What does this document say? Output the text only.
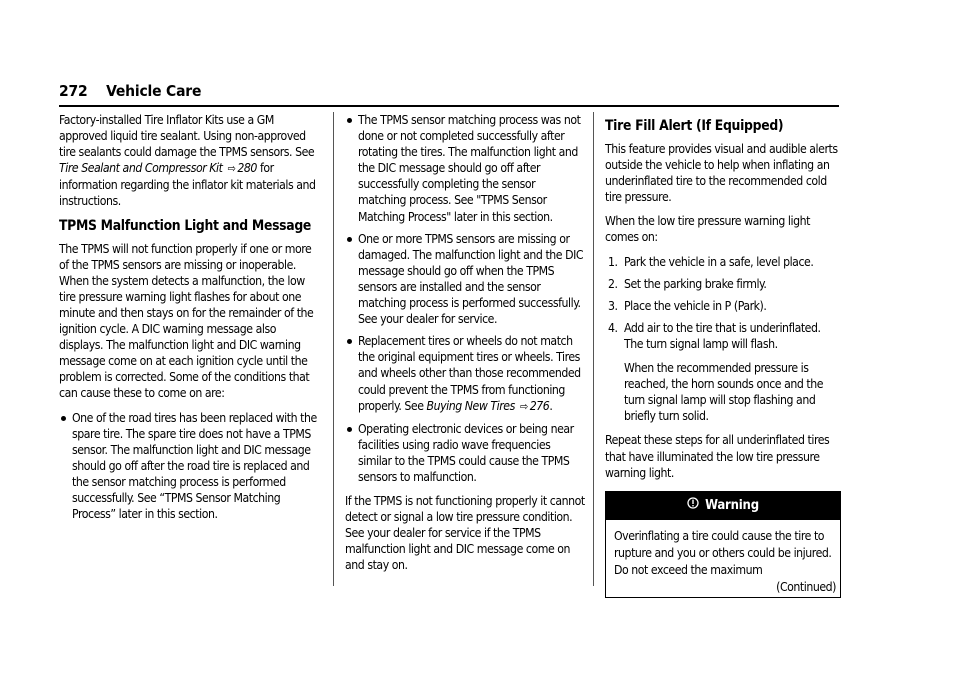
272 Vehicle Care

Factory-installed Tire Inflator Kits use a GM approved liquid tire sealant. Using non-approved tire sealants could damage the TPMS sensors. See Tire Sealant and Compressor Kit ⇨ 280 for information regarding the inflator kit materials and instructions.

TPMS Malfunction Light and Message

The TPMS will not function properly if one or more of the TPMS sensors are missing or inoperable. When the system detects a malfunction, the low tire pressure warning light flashes for about one minute and then stays on for the remainder of the ignition cycle. A DIC warning message also displays. The malfunction light and DIC warning message come on at each ignition cycle until the problem is corrected. Some of the conditions that can cause these to come on are:

One of the road tires has been replaced with the spare tire. The spare tire does not have a TPMS sensor. The malfunction light and DIC message should go off after the road tire is replaced and the sensor matching process is performed successfully. See “TPMS Sensor Matching Process” later in this section.
The TPMS sensor matching process was not done or not completed successfully after rotating the tires. The malfunction light and the DIC message should go off after successfully completing the sensor matching process. See "TPMS Sensor Matching Process" later in this section.
One or more TPMS sensors are missing or damaged. The malfunction light and the DIC message should go off when the TPMS sensors are installed and the sensor matching process is performed successfully. See your dealer for service.
Replacement tires or wheels do not match the original equipment tires or wheels. Tires and wheels other than those recommended could prevent the TPMS from functioning properly. See Buying New Tires ⇨ 276.
Operating electronic devices or being near facilities using radio wave frequencies similar to the TPMS could cause the TPMS sensors to malfunction.

If the TPMS is not functioning properly it cannot detect or signal a low tire pressure condition. See your dealer for service if the TPMS malfunction light and DIC message come on and stay on.

Tire Fill Alert (If Equipped)

This feature provides visual and audible alerts outside the vehicle to help when inflating an underinflated tire to the recommended cold tire pressure.

When the low tire pressure warning light comes on:

1. Park the vehicle in a safe, level place.
2. Set the parking brake firmly.
3. Place the vehicle in P (Park).
4. Add air to the tire that is underinflated. The turn signal lamp will flash.
When the recommended pressure is reached, the horn sounds once and the turn signal lamp will stop flashing and briefly turn solid.

Repeat these steps for all underinflated tires that have illuminated the low tire pressure warning light.

Warning
Overinflating a tire could cause the tire to rupture and you or others could be injured. Do not exceed the maximum
(Continued)
